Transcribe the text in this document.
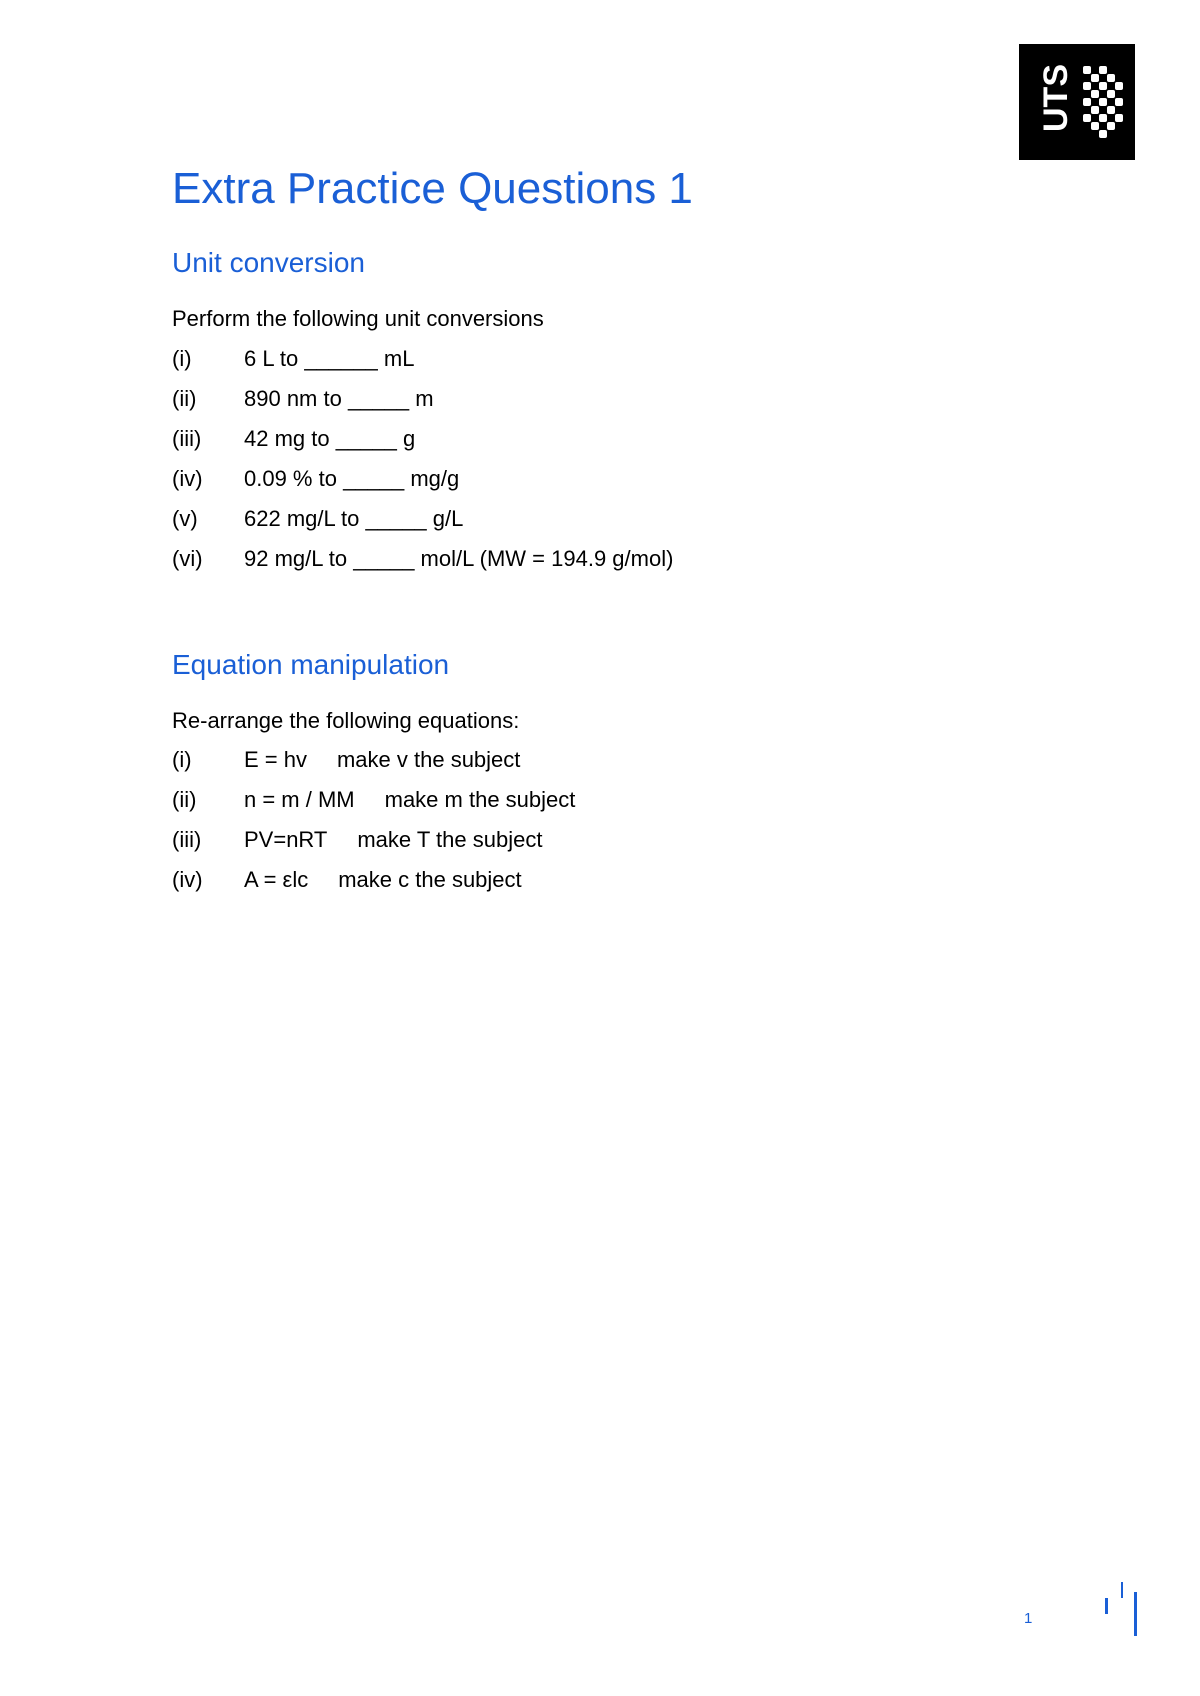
UTS
Extra Practice Questions 1
Unit conversion

Perform the following unit conversions

(i) 6 L to ______ mL
(ii) 890 nm to _____ m
(iii) 42 mg to _____ g
(iv) 0.09 % to _____ mg/g
(v) 622 mg/L to _____ g/L
(vi) 92 mg/L to _____ mol/L (MW = 194.9 g/mol)
Equation manipulation

Re-arrange the following equations:

(i) E = hv make v the subject
(ii) n = m / MM make m the subject
(iii) PV=nRT make T the subject
(iv) A = εlc make c the subject
1
